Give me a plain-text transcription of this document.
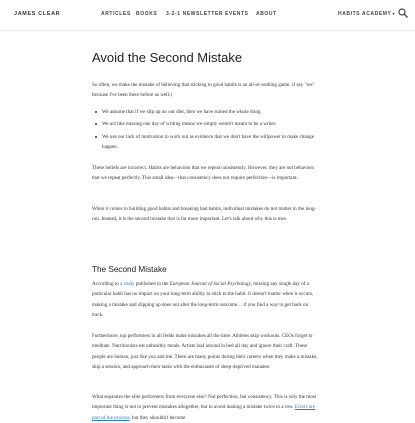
JAMES CLEAR	ARTICLES BOOKS 3-2-1 NEWSLETTER EVENTS ABOUT	HABITS ACADEMY▾
Avoid the Second Mistake

So often, we make the mistake of believing that sticking to good habits is an all-or-nothing game. (I say "we" because I've been there before as well.)

We assume that if we slip up on our diet, then we have ruined the whole thing.
We act like missing one day of writing means we simply weren't meant to be a writer.
We use our lack of motivation to work out as evidence that we don't have the willpower to make change happen.

These beliefs are incorrect. Habits are behaviors that we repeat consistently. However, they are not behaviors that we repeat perfectly. This small idea—that consistency does not require perfection—is important.

When it comes to building good habits and breaking bad habits, individual mistakes do not matter in the long-run. Instead, it is the second mistake that is far more important. Let's talk about why this is true.

The Second Mistake

According to a study published in the European Journal of Social Psychology, missing any single day of a particular habit has no impact on your long-term ability to stick to the habit. It doesn't matter when it occurs, making a mistake and slipping up does not alter the long-term outcome… if you find a way to get back on track.

Furthermore, top performers in all fields make mistakes all the time. Athletes skip workouts. CEOs forget to meditate. Nutritionists eat unhealthy meals. Artists loaf around in bed all day and ignore their craft. These people are human, just like you and me. There are many points during their careers when they make a mistake, skip a session, and approach their tasks with the enthusiasm of sleep-deprived manatee.

What separates the elite performers from everyone else? Not perfection, but consistency. This is why the most important thing is not to prevent mistakes altogether, but to avoid making a mistake twice in a row. Errors are part of the process, but they shouldn't become
